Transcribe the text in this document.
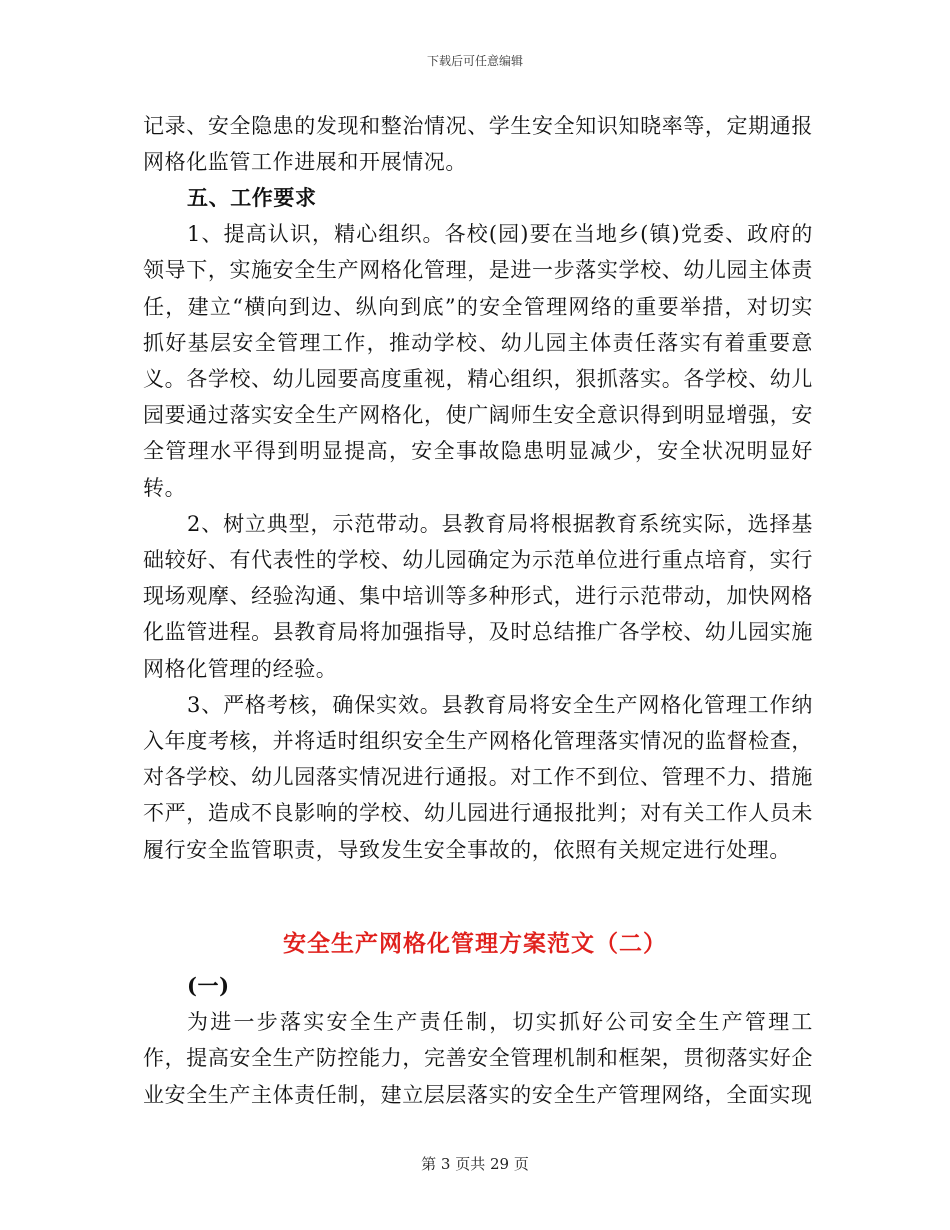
下载后可任意编辑

记录、安全隐患的发现和整治情况、学生安全知识知晓率等，定期通报网格化监管工作进展和开展情况。

五、工作要求

1、提高认识，精心组织。各校(园)要在当地乡(镇)党委、政府的领导下，实施安全生产网格化管理，是进一步落实学校、幼儿园主体责任，建立“横向到边、纵向到底”的安全管理网络的重要举措，对切实抓好基层安全管理工作，推动学校、幼儿园主体责任落实有着重要意义。各学校、幼儿园要高度重视，精心组织，狠抓落实。各学校、幼儿园要通过落实安全生产网格化，使广阔师生安全意识得到明显增强，安全管理水平得到明显提高，安全事故隐患明显减少，安全状况明显好转。

2、树立典型，示范带动。县教育局将根据教育系统实际，选择基础较好、有代表性的学校、幼儿园确定为示范单位进行重点培育，实行现场观摩、经验沟通、集中培训等多种形式，进行示范带动，加快网格化监管进程。县教育局将加强指导，及时总结推广各学校、幼儿园实施网格化管理的经验。

3、严格考核，确保实效。县教育局将安全生产网格化管理工作纳入年度考核，并将适时组织安全生产网格化管理落实情况的监督检查，对各学校、幼儿园落实情况进行通报。对工作不到位、管理不力、措施不严，造成不良影响的学校、幼儿园进行通报批判；对有关工作人员未履行安全监管职责，导致发生安全事故的，依照有关规定进行处理。

安全生产网格化管理方案范文（二）

(一)

为进一步落实安全生产责任制，切实抓好公司安全生产管理工作，提高安全生产防控能力，完善安全管理机制和框架，贯彻落实好企业安全生产主体责任制，建立层层落实的安全生产管理网络，全面实现

第 3 页共 29 页
